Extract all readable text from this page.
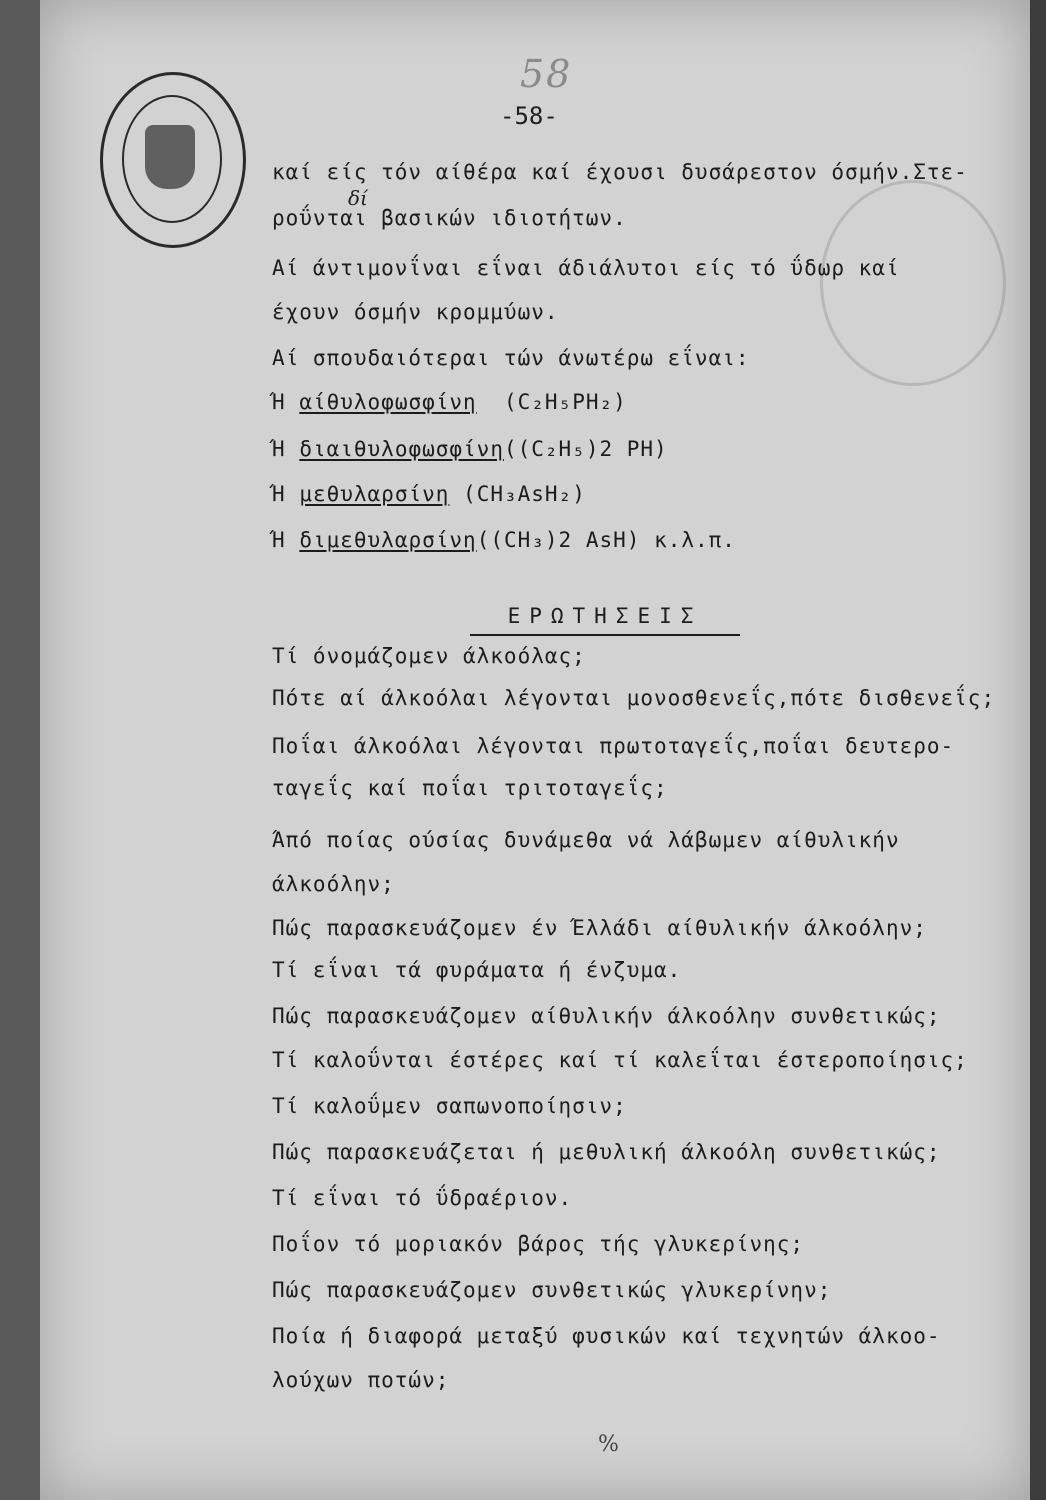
58
-58-
καί είς τόν αίθέρα καί έχουσι δυσάρεστον όσμήν.Στε-
δί
ροΰνται βασικών ιδιοτήτων.
Αί άντιμονΐναι εΐναι άδιάλυτοι είς τό ΰδωρ καί
έχουν όσμήν κρομμύων.
Αί σπουδαιότεραι τών άνωτέρω εΐναι:
Ή αίθυλοφωσφίνη (C₂H₅PH₂)
Ή διαιθυλοφωσφίνη((C₂H₅)2 PH)
Ή μεθυλαρσίνη (CH₃AsH₂)
Ή διμεθυλαρσίνη((CH₃)2 AsH) κ.λ.π.
ΕΡΩΤΗΣΕΙΣ
Τί όνομάζομεν άλκοόλας;
Πότε αί άλκοόλαι λέγονται μονοσθενεΐς,πότε δισθενεΐς;
Ποΐαι άλκοόλαι λέγονται πρωτοταγεΐς,ποΐαι δευτερο-
ταγεΐς καί ποΐαι τριτοταγεΐς;
Άπό ποίας ούσίας δυνάμεθα νά λάβωμεν αίθυλικήν
άλκοόλην;
Πώς παρασκευάζομεν έν Έλλάδι αίθυλικήν άλκοόλην;
Τί εΐναι τά φυράματα ή ένζυμα.
Πώς παρασκευάζομεν αίθυλικήν άλκοόλην συνθετικώς;
Τί καλοΰνται έστέρες καί τί καλεΐται έστεροποίησις;
Τί καλοΰμεν σαπωνοποίησιν;
Πώς παρασκευάζεται ή μεθυλική άλκοόλη συνθετικώς;
Τί εΐναι τό ΰδραέριον.
Ποΐον τό μοριακόν βάρος τής γλυκερίνης;
Πώς παρασκευάζομεν συνθετικώς γλυκερίνην;
Ποία ή διαφορά μεταξύ φυσικών καί τεχνητών άλκοο-
λούχων ποτών;
%
